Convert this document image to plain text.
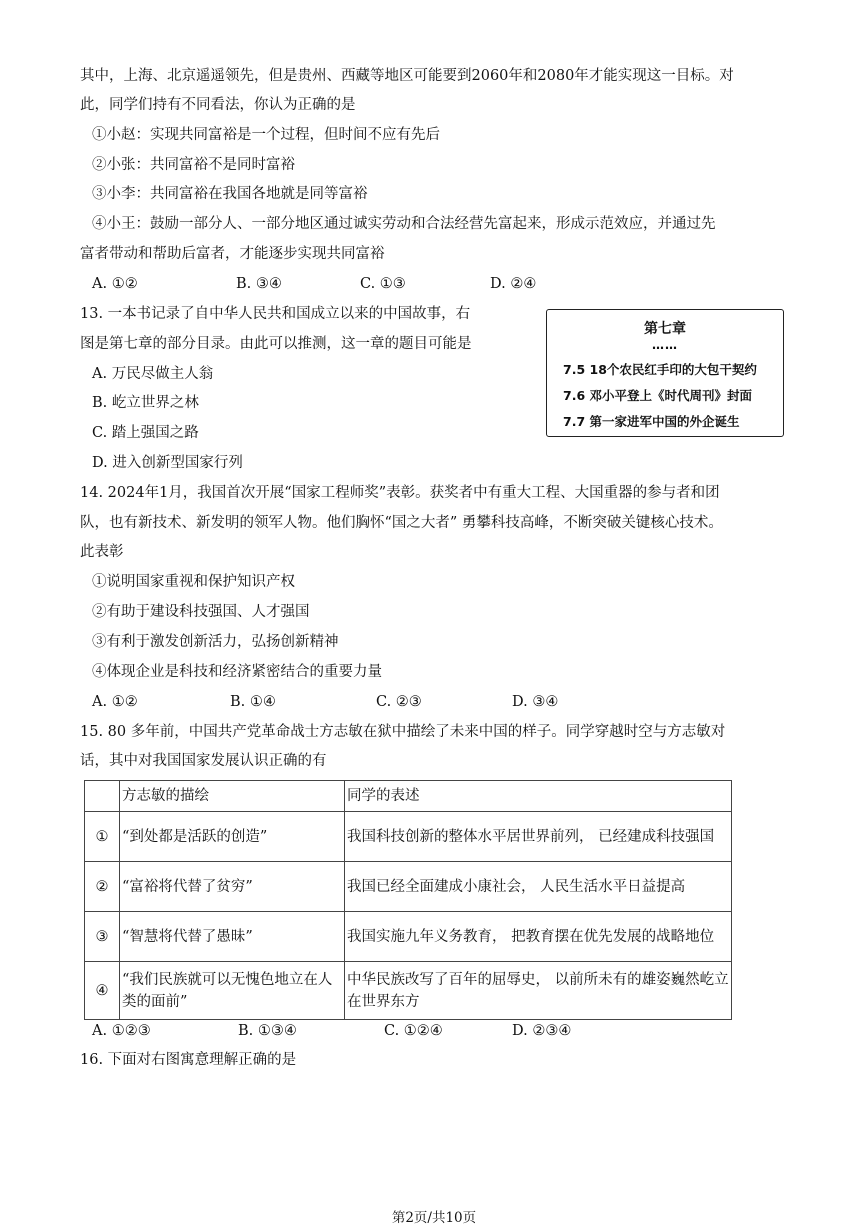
其中，上海、北京遥遥领先，但是贵州、西藏等地区可能要到2060年和2080年才能实现这一目标。对
此，同学们持有不同看法，你认为正确的是
①小赵：实现共同富裕是一个过程，但时间不应有先后
②小张：共同富裕不是同时富裕
③小李：共同富裕在我国各地就是同等富裕
④小王：鼓励一部分人、一部分地区通过诚实劳动和合法经营先富起来，形成示范效应，并通过先
富者带动和帮助后富者，才能逐步实现共同富裕
A. ①②	B. ③④	C. ①③	D. ②④
13. 一本书记录了自中华人民共和国成立以来的中国故事，右
图是第七章的部分目录。由此可以推测，这一章的题目可能是
A. 万民尽做主人翁
B. 屹立世界之林
C. 踏上强国之路
D. 进入创新型国家行列
第七章
……
7.5 18个农民红手印的大包干契约
7.6 邓小平登上《时代周刊》封面
7.7 第一家进军中国的外企诞生
14. 2024年1月，我国首次开展“国家工程师奖”表彰。获奖者中有重大工程、大国重器的参与者和团
队，也有新技术、新发明的领军人物。他们胸怀“国之大者” 勇攀科技高峰，不断突破关键核心技术。
此表彰
①说明国家重视和保护知识产权
②有助于建设科技强国、人才强国
③有利于激发创新活力，弘扬创新精神
④体现企业是科技和经济紧密结合的重要力量
A. ①②	B. ①④	C. ②③	D. ③④
15. 80 多年前，中国共产党革命战士方志敏在狱中描绘了未来中国的样子。同学穿越时空与方志敏对
话，其中对我国国家发展认识正确的有
	方志敏的描绘	同学的表述
①	“到处都是活跃的创造”	我国科技创新的整体水平居世界前列， 已经建成科技强国
②	“富裕将代替了贫穷”	我国已经全面建成小康社会， 人民生活水平日益提高
③	“智慧将代替了愚昧”	我国实施九年义务教育， 把教育摆在优先发展的战略地位
④	“我们民族就可以无愧色地立在人类的面前”	中华民族改写了百年的屈辱史， 以前所未有的雄姿巍然屹立在世界东方
A. ①②③	B. ①③④	C. ①②④	D. ②③④
16. 下面对右图寓意理解正确的是
第2页/共10页
